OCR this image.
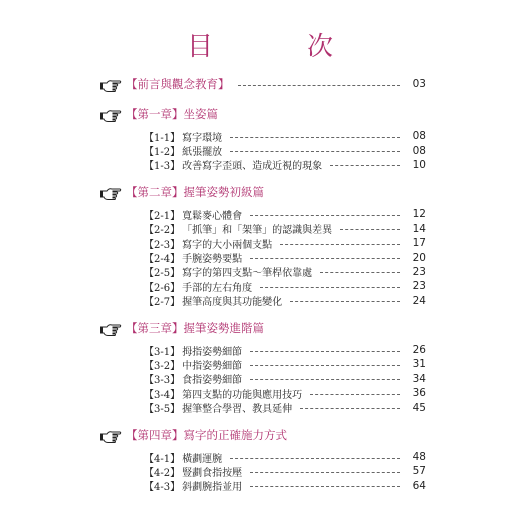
目　次
【前言與觀念教育】	03
【第一章】坐姿篇
【1-1】 寫字環境	08
【1-2】 紙張擺放	08
【1-3】 改善寫字歪頭、造成近視的現象	10
【第二章】握筆姿勢初級篇
【2-1】 寬鬆麥心體會	12
【2-2】 「抓筆」和「架筆」的認識與差異	14
【2-3】 寫字的大小兩個支點	17
【2-4】 手腕姿勢要點	20
【2-5】 寫字的第四支點～筆桿依靠處	23
【2-6】 手部的左右角度	23
【2-7】 握筆高度與其功能變化	24
【第三章】握筆姿勢進階篇
【3-1】 拇指姿勢細節	26
【3-2】 中指姿勢細節	31
【3-3】 食指姿勢細節	34
【3-4】 第四支點的功能與應用技巧	36
【3-5】 握筆整合學習、教具延伸	45
【第四章】寫字的正確施力方式
【4-1】 橫劃運腕	48
【4-2】 豎劃食指按壓	57
【4-3】 斜劃腕指並用	64
